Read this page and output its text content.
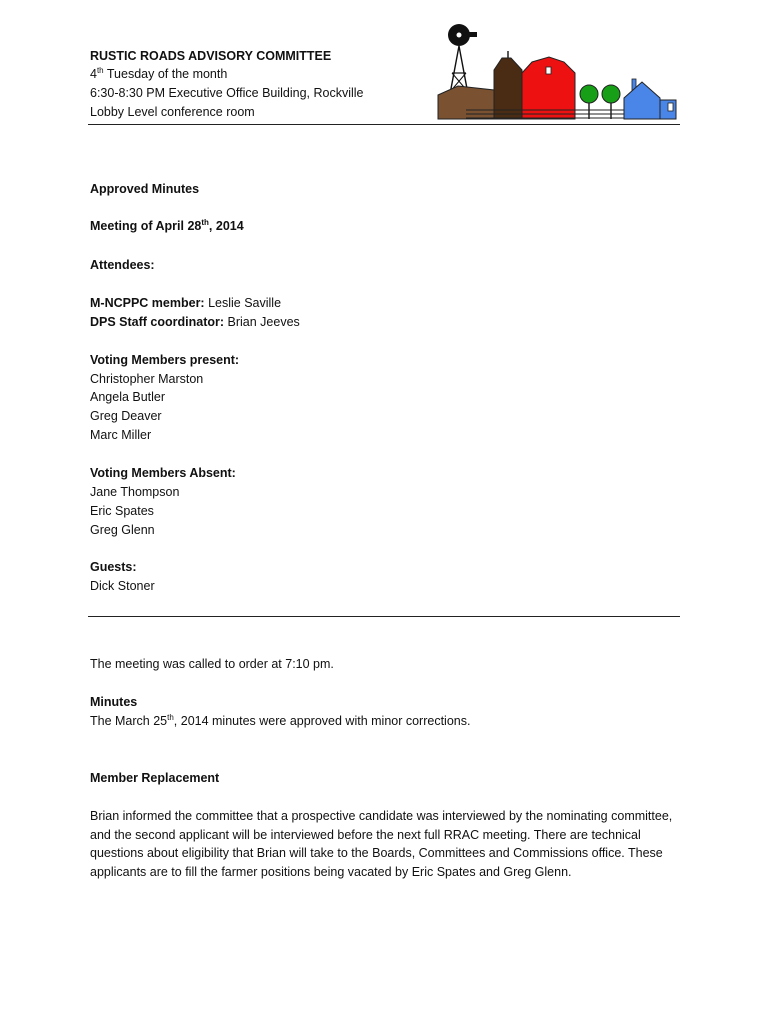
RUSTIC ROADS ADVISORY COMMITTEE
4th Tuesday of the month
6:30-8:30 PM Executive Office Building, Rockville
Lobby Level conference room
Approved Minutes
Meeting of April 28th, 2014
Attendees:
M-NCPPC member: Leslie Saville
DPS Staff coordinator: Brian Jeeves
Voting Members present:
Christopher Marston
Angela Butler
Greg Deaver
Marc Miller
Voting Members Absent:
Jane Thompson
Eric Spates
Greg Glenn
Guests:
Dick Stoner
The meeting was called to order at 7:10 pm.
Minutes
The March 25th, 2014 minutes were approved with minor corrections.
Member Replacement
Brian informed the committee that a prospective candidate was interviewed by the nominating committee, and the second applicant will be interviewed before the next full RRAC meeting. There are technical questions about eligibility that Brian will take to the Boards, Committees and Commissions office. These applicants are to fill the farmer positions being vacated by Eric Spates and Greg Glenn.
